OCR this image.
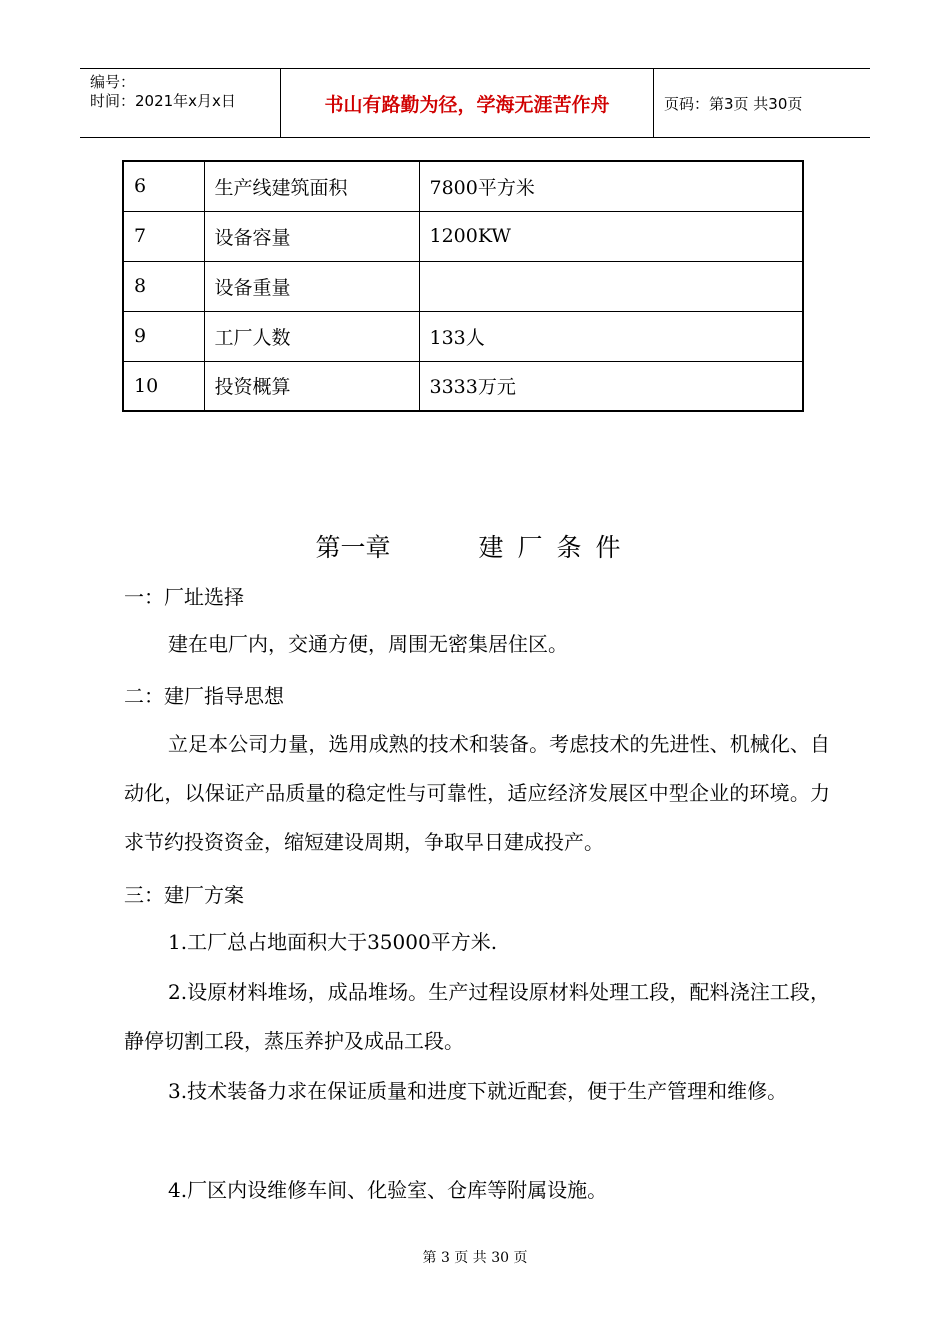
编号：
时间：2021年x月x日	书山有路勤为径，学海无涯苦作舟	页码：第3页 共30页
6	生产线建筑面积	7800平方米
7	设备容量	1200KW
8	设备重量	
9	工厂人数	133人
10	投资概算	3333万元
第一章	建厂条件
一：厂址选择

建在电厂内，交通方便，周围无密集居住区。

二：建厂指导思想

立足本公司力量，选用成熟的技术和装备。考虑技术的先进性、机械化、自动化，以保证产品质量的稳定性与可靠性，适应经济发展区中型企业的环境。力求节约投资资金，缩短建设周期，争取早日建成投产。

三：建厂方案

1.工厂总占地面积大于35000平方米.

2.设原材料堆场，成品堆场。生产过程设原材料处理工段，配料浇注工段，静停切割工段，蒸压养护及成品工段。

3.技术装备力求在保证质量和进度下就近配套，便于生产管理和维修。

4.厂区内设维修车间、化验室、仓库等附属设施。

第 3 页 共 30 页
